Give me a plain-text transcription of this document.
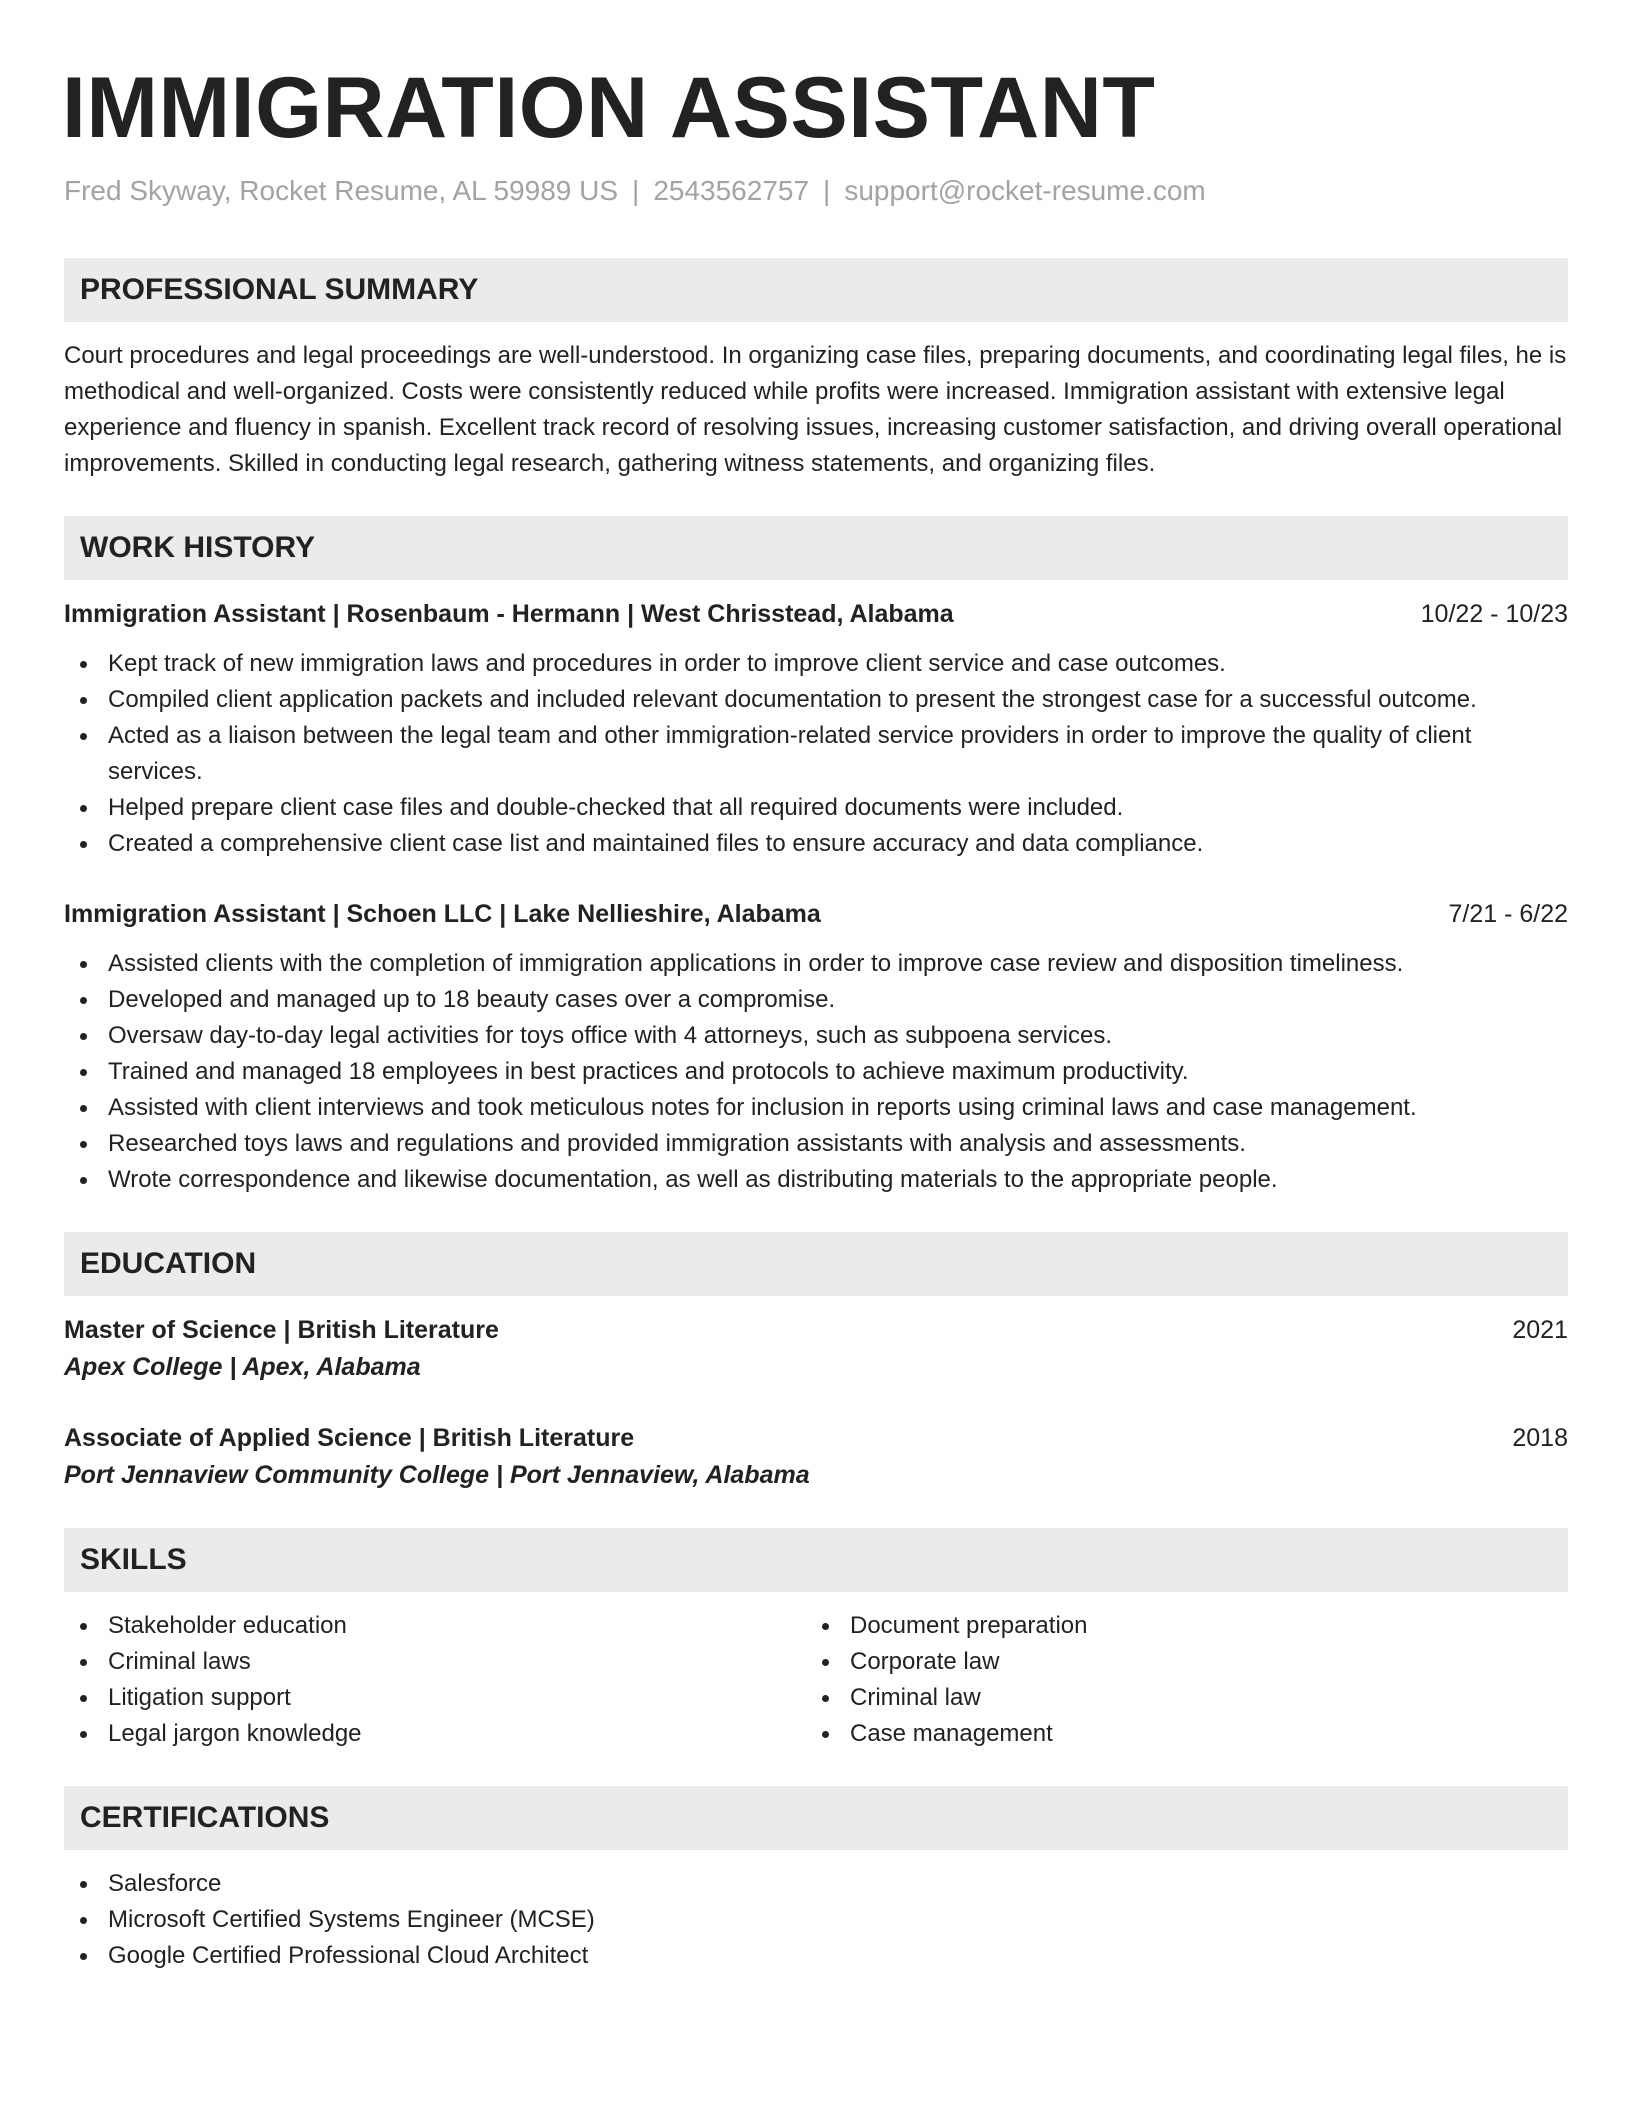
IMMIGRATION ASSISTANT
Fred Skyway, Rocket Resume, AL 59989 US | 2543562757 | support@rocket-resume.com
PROFESSIONAL SUMMARY
Court procedures and legal proceedings are well-understood. In organizing case files, preparing documents, and coordinating legal files, he is methodical and well-organized. Costs were consistently reduced while profits were increased. Immigration assistant with extensive legal experience and fluency in spanish. Excellent track record of resolving issues, increasing customer satisfaction, and driving overall operational improvements. Skilled in conducting legal research, gathering witness statements, and organizing files.
WORK HISTORY
Immigration Assistant | Rosenbaum - Hermann | West Chrisstead, Alabama	10/22 - 10/23
Kept track of new immigration laws and procedures in order to improve client service and case outcomes.
Compiled client application packets and included relevant documentation to present the strongest case for a successful outcome.
Acted as a liaison between the legal team and other immigration-related service providers in order to improve the quality of client services.
Helped prepare client case files and double-checked that all required documents were included.
Created a comprehensive client case list and maintained files to ensure accuracy and data compliance.
Immigration Assistant | Schoen LLC | Lake Nellieshire, Alabama	7/21 - 6/22
Assisted clients with the completion of immigration applications in order to improve case review and disposition timeliness.
Developed and managed up to 18 beauty cases over a compromise.
Oversaw day-to-day legal activities for toys office with 4 attorneys, such as subpoena services.
Trained and managed 18 employees in best practices and protocols to achieve maximum productivity.
Assisted with client interviews and took meticulous notes for inclusion in reports using criminal laws and case management.
Researched toys laws and regulations and provided immigration assistants with analysis and assessments.
Wrote correspondence and likewise documentation, as well as distributing materials to the appropriate people.
EDUCATION
Master of Science | British Literature	2021
Apex College | Apex, Alabama
Associate of Applied Science | British Literature	2018
Port Jennaview Community College | Port Jennaview, Alabama
SKILLS
Stakeholder education
Criminal laws
Litigation support
Legal jargon knowledge
Document preparation
Corporate law
Criminal law
Case management
CERTIFICATIONS
Salesforce
Microsoft Certified Systems Engineer (MCSE)
Google Certified Professional Cloud Architect
